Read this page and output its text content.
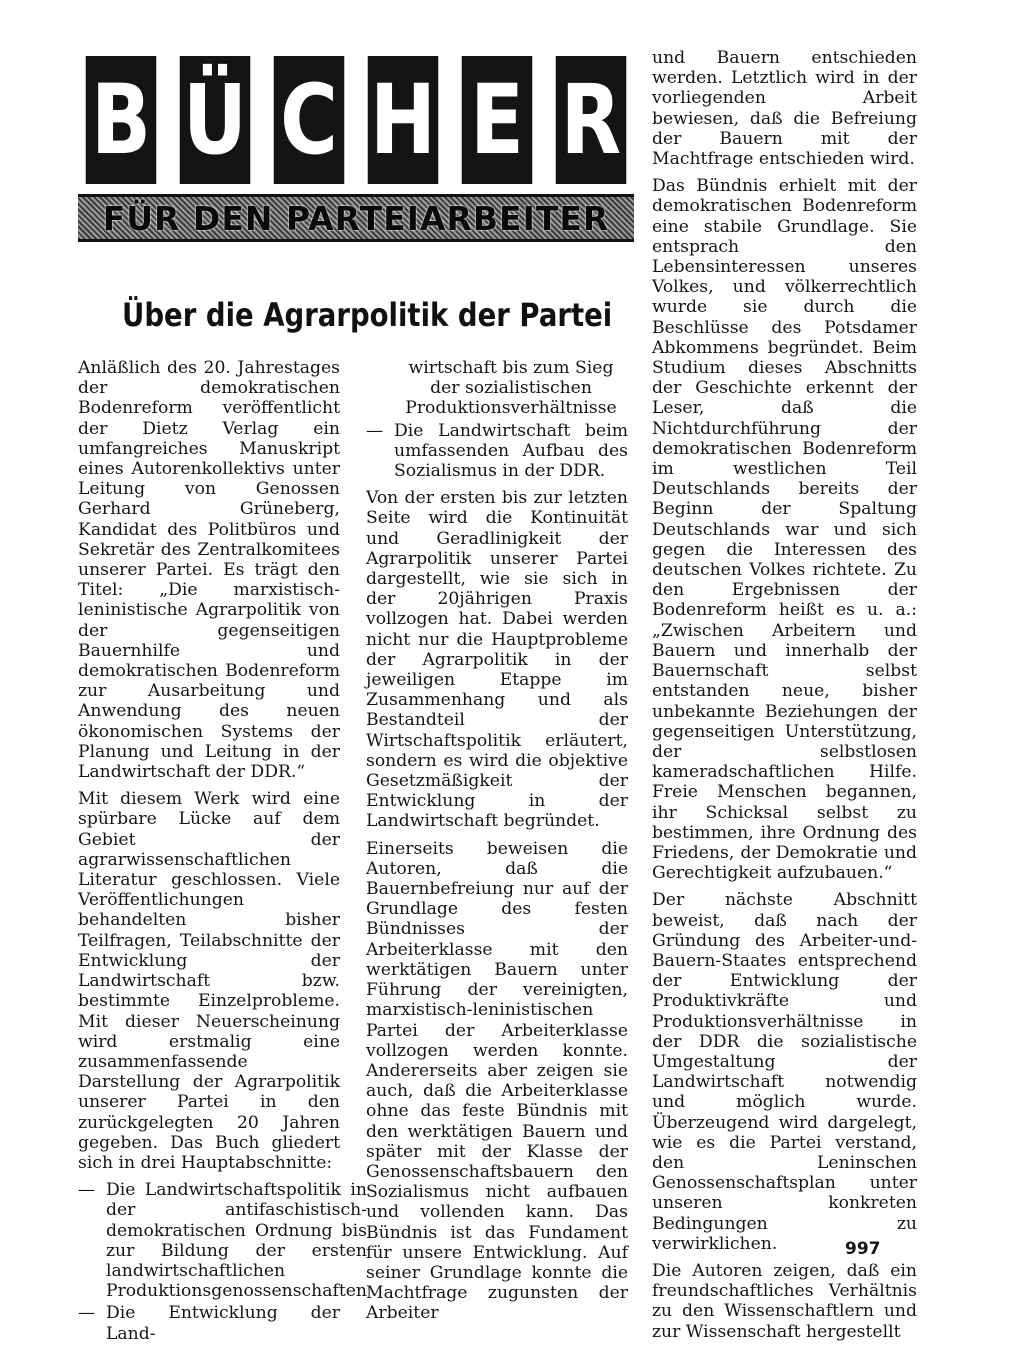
B Ü C H E R
FÜR DEN PARTEIARBEITER
Über die Agrarpolitik der Partei

Anläßlich des 20. Jahrestages der demokratischen Bodenreform veröffentlicht der Dietz Verlag ein umfangreiches Manuskript eines Autorenkollektivs unter Leitung von Genossen Gerhard Grüneberg, Kandidat des Politbüros und Sekretär des Zentralkomitees unserer Partei. Es trägt den Titel: „Die marxistisch-leninistische Agrarpolitik von der gegenseitigen Bauernhilfe und demokratischen Bodenreform zur Ausarbeitung und Anwendung des neuen ökonomischen Systems der Planung und Leitung in der Landwirtschaft der DDR.“

Mit diesem Werk wird eine spürbare Lücke auf dem Gebiet der agrarwissenschaftlichen Literatur geschlossen. Viele Veröffentlichungen behandelten bisher Teilfragen, Teilabschnitte der Entwicklung der Landwirtschaft bzw. bestimmte Einzelprobleme. Mit dieser Neuerscheinung wird erstmalig eine zusammenfassende Darstellung der Agrarpolitik unserer Partei in den zurückgelegten 20 Jahren gegeben. Das Buch gliedert sich in drei Hauptabschnitte:

— Die Landwirtschaftspolitik in der antifaschistisch-demokratischen Ordnung bis zur Bildung der ersten landwirtschaftlichen Produktionsgenossenschaften
— Die Entwicklung der Land-
wirtschaft bis zum Sieg der sozialistischen Produktionsverhältnisse
— Die Landwirtschaft beim umfassenden Aufbau des Sozialismus in der DDR.

Von der ersten bis zur letzten Seite wird die Kontinuität und Geradlinigkeit der Agrarpolitik unserer Partei dargestellt, wie sie sich in der 20jährigen Praxis vollzogen hat. Dabei werden nicht nur die Hauptprobleme der Agrarpolitik in der jeweiligen Etappe im Zusammenhang und als Bestandteil der Wirtschaftspolitik erläutert, sondern es wird die objektive Gesetzmäßigkeit der Entwicklung in der Landwirtschaft begründet.

Einerseits beweisen die Autoren, daß die Bauernbefreiung nur auf der Grundlage des festen Bündnisses der Arbeiterklasse mit den werktätigen Bauern unter Führung der vereinigten, marxistisch-leninistischen Partei der Arbeiterklasse vollzogen werden konnte. Andererseits aber zeigen sie auch, daß die Arbeiterklasse ohne das feste Bündnis mit den werktätigen Bauern und später mit der Klasse der Genossenschaftsbauern den Sozialismus nicht aufbauen und vollenden kann. Das Bündnis ist das Fundament für unsere Entwicklung. Auf seiner Grundlage konnte die Machtfrage zugunsten der Arbeiter

und Bauern entschieden werden. Letztlich wird in der vorliegenden Arbeit bewiesen, daß die Befreiung der Bauern mit der Machtfrage entschieden wird.

Das Bündnis erhielt mit der demokratischen Bodenreform eine stabile Grundlage. Sie entsprach den Lebensinteressen unseres Volkes, und völkerrechtlich wurde sie durch die Beschlüsse des Potsdamer Abkommens begründet. Beim Studium dieses Abschnitts der Geschichte erkennt der Leser, daß die Nichtdurchführung der demokratischen Bodenreform im westlichen Teil Deutschlands bereits der Beginn der Spaltung Deutschlands war und sich gegen die Interessen des deutschen Volkes richtete. Zu den Ergebnissen der Bodenreform heißt es u. a.: „Zwischen Arbeitern und Bauern und innerhalb der Bauernschaft selbst entstanden neue, bisher unbekannte Beziehungen der gegenseitigen Unterstützung, der selbstlosen kameradschaftlichen Hilfe. Freie Menschen begannen, ihr Schicksal selbst zu bestimmen, ihre Ordnung des Friedens, der Demokratie und Gerechtigkeit aufzubauen.“

Der nächste Abschnitt beweist, daß nach der Gründung des Arbeiter-und-Bauern-Staates entsprechend der Entwicklung der Produktivkräfte und Produktionsverhältnisse in der DDR die sozialistische Umgestaltung der Landwirtschaft notwendig und möglich wurde. Überzeugend wird dargelegt, wie es die Partei verstand, den Leninschen Genossenschaftsplan unter unseren konkreten Bedingungen zu verwirklichen.

Die Autoren zeigen, daß ein freundschaftliches Verhältnis zu den Wissenschaftlern und zur Wissenschaft hergestellt

997
